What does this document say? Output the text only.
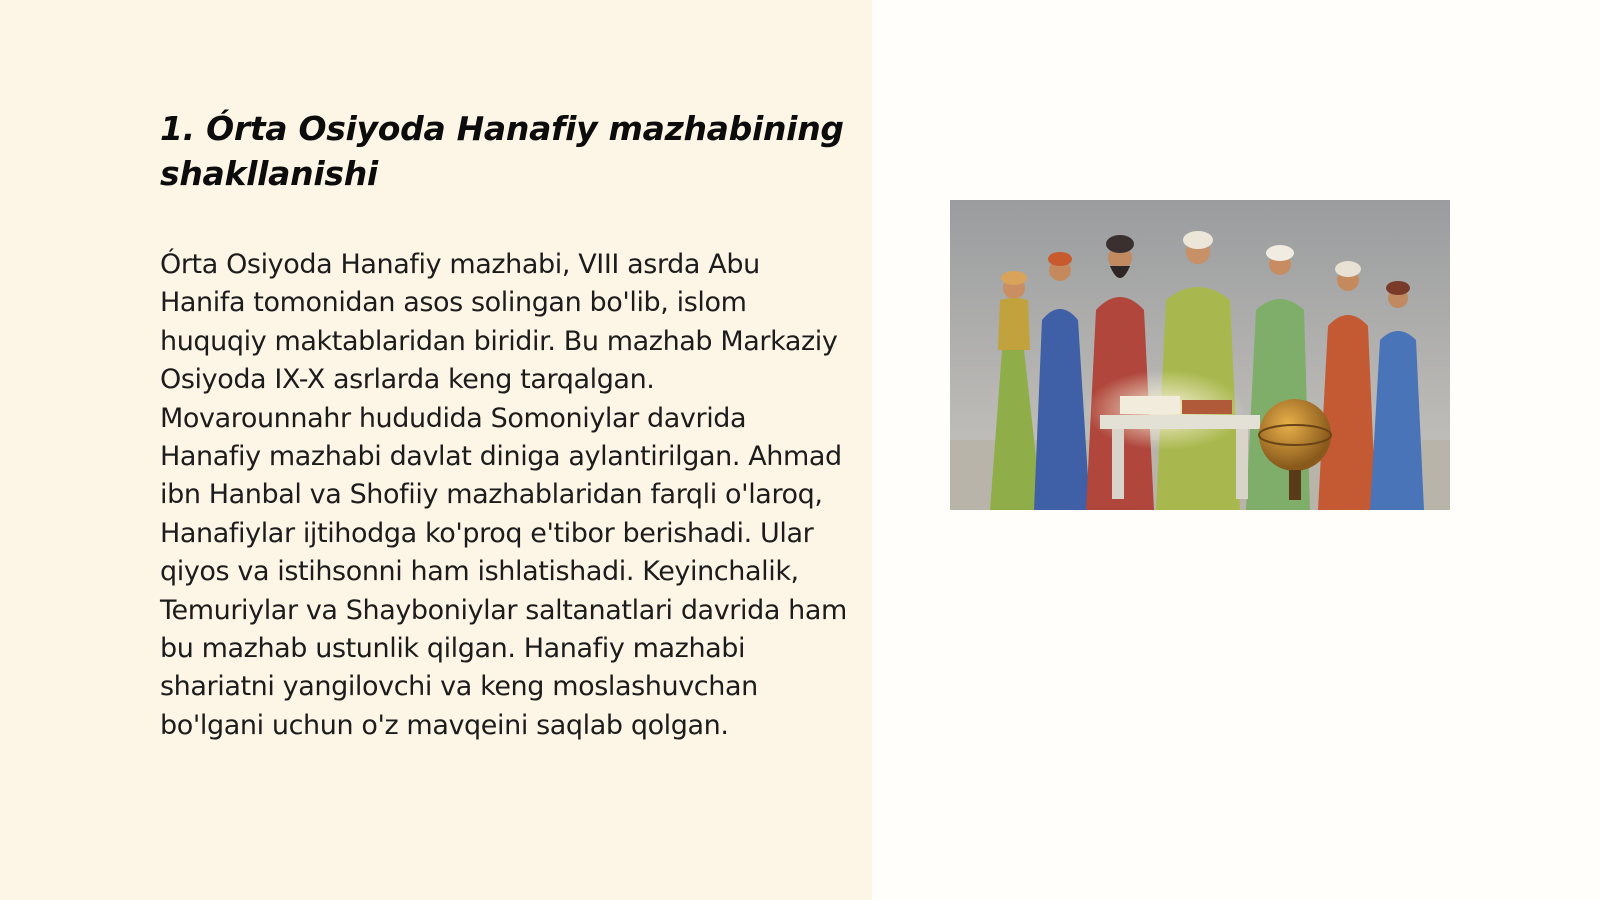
1. Órta Osiyoda Hanafiy mazhabining shakllanishi

Órta Osiyoda Hanafiy mazhabi, VIII asrda Abu Hanifa tomonidan asos solingan bo'lib, islom huquqiy maktablaridan biridir. Bu mazhab Markaziy Osiyoda IX-X asrlarda keng tarqalgan. Movarounnahr hududida Somoniylar davrida Hanafiy mazhabi davlat diniga aylantirilgan. Ahmad ibn Hanbal va Shofiiy mazhablaridan farqli o'laroq, Hanafiylar ijtihodga ko'proq e'tibor berishadi. Ular qiyos va istihsonni ham ishlatishadi. Keyinchalik, Temuriylar va Shayboniylar saltanatlari davrida ham bu mazhab ustunlik qilgan. Hanafiy mazhabi shariatni yangilovchi va keng moslashuvchan bo'lgani uchun o'z mavqeini saqlab qolgan.
